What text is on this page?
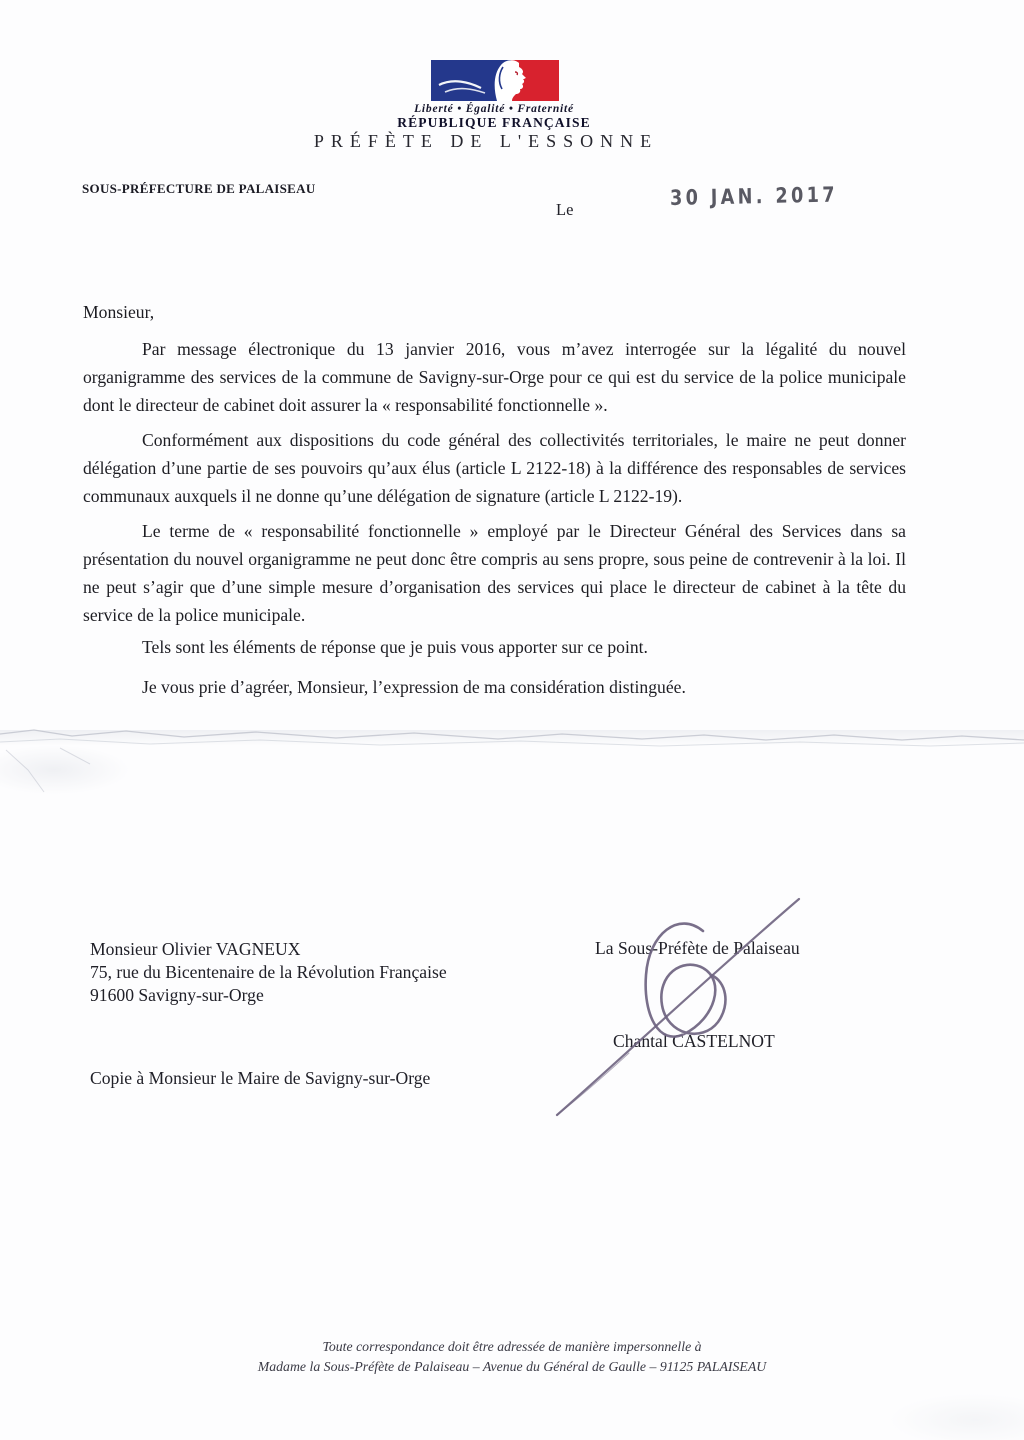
Liberté • Égalité • Fraternité
RÉPUBLIQUE FRANÇAISE
PRÉFÈTE DE L'ESSONNE
SOUS-PRÉFECTURE DE PALAISEAU
Le	30 JAN. 2017
Monsieur,

Par message électronique du 13 janvier 2016, vous m’avez interrogée sur la légalité du nouvel organigramme des services de la commune de Savigny-sur-Orge pour ce qui est du service de la police municipale dont le directeur de cabinet doit assurer la « responsabilité fonctionnelle ».

Conformément aux dispositions du code général des collectivités territoriales, le maire ne peut donner délégation d’une partie de ses pouvoirs qu’aux élus (article L 2122-18) à la différence des responsables de services communaux auxquels il ne donne qu’une délégation de signature (article L 2122-19).

Le terme de « responsabilité fonctionnelle » employé par le Directeur Général des Services dans sa présentation du nouvel organigramme ne peut donc être compris au sens propre, sous peine de contrevenir à la loi. Il ne peut s’agir que d’une simple mesure d’organisation des services qui place le directeur de cabinet à la tête du service de la police municipale.

Tels sont les éléments de réponse que je puis vous apporter sur ce point.

Je vous prie d’agréer, Monsieur, l’expression de ma considération distinguée.

Monsieur Olivier VAGNEUX
75, rue du Bicentenaire de la Révolution Française
91600 Savigny-sur-Orge
La Sous-Préfète de Palaiseau
Chantal CASTELNOT
Copie à Monsieur le Maire de Savigny-sur-Orge
Toute correspondance doit être adressée de manière impersonnelle à
Madame la Sous-Préfète de Palaiseau – Avenue du Général de Gaulle – 91125 PALAISEAU
